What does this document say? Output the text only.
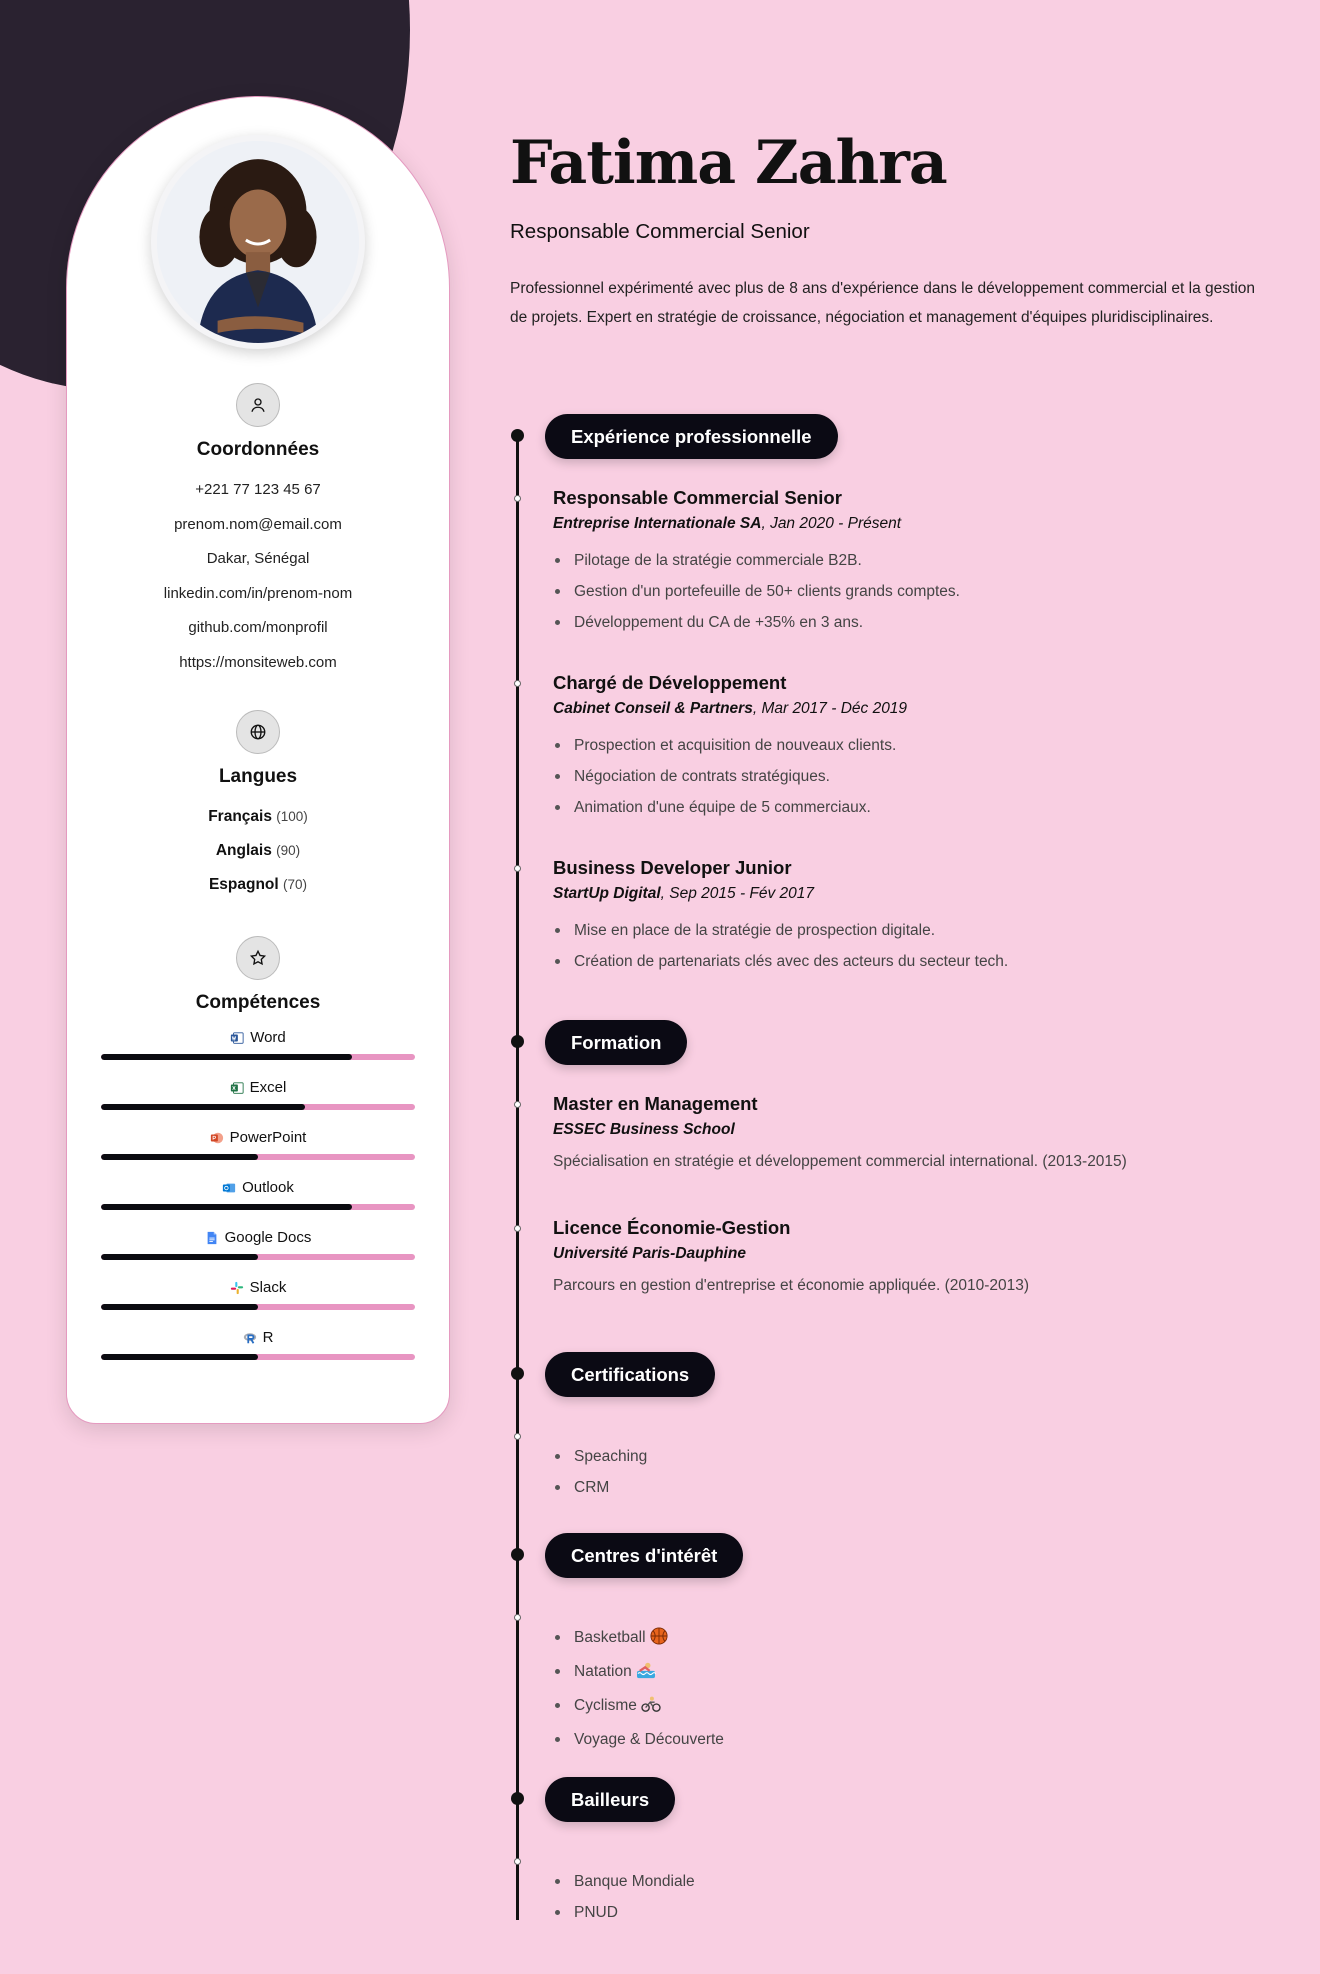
Coordonnées
+221 77 123 45 67
prenom.nom@email.com
Dakar, Sénégal
linkedin.com/in/prenom-nom
github.com/monprofil
https://monsiteweb.com
Langues
Français (100)
Anglais (90)
Espagnol (70)
Compétences
Word
Excel
PowerPoint
Outlook
Google Docs
Slack
R
Fatima Zahra
Responsable Commercial Senior

Professionnel expérimenté avec plus de 8 ans d'expérience dans le développement commercial et la gestion de projets. Expert en stratégie de croissance, négociation et management d'équipes pluridisciplinaires.

Expérience professionnelle
Responsable Commercial Senior
Entreprise Internationale SA, Jan 2020 - Présent
Pilotage de la stratégie commerciale B2B.
Gestion d'un portefeuille de 50+ clients grands comptes.
Développement du CA de +35% en 3 ans.
Chargé de Développement
Cabinet Conseil & Partners, Mar 2017 - Déc 2019
Prospection et acquisition de nouveaux clients.
Négociation de contrats stratégiques.
Animation d'une équipe de 5 commerciaux.
Business Developer Junior
StartUp Digital, Sep 2015 - Fév 2017
Mise en place de la stratégie de prospection digitale.
Création de partenariats clés avec des acteurs du secteur tech.
Formation
Master en Management
ESSEC Business School
Spécialisation en stratégie et développement commercial international. (2013-2015)
Licence Économie-Gestion
Université Paris-Dauphine
Parcours en gestion d'entreprise et économie appliquée. (2010-2013)
Certifications
Speaching
CRM
Centres d'intérêt
Basketball
Natation
Cyclisme
Voyage & Découverte
Bailleurs
Banque Mondiale
PNUD
